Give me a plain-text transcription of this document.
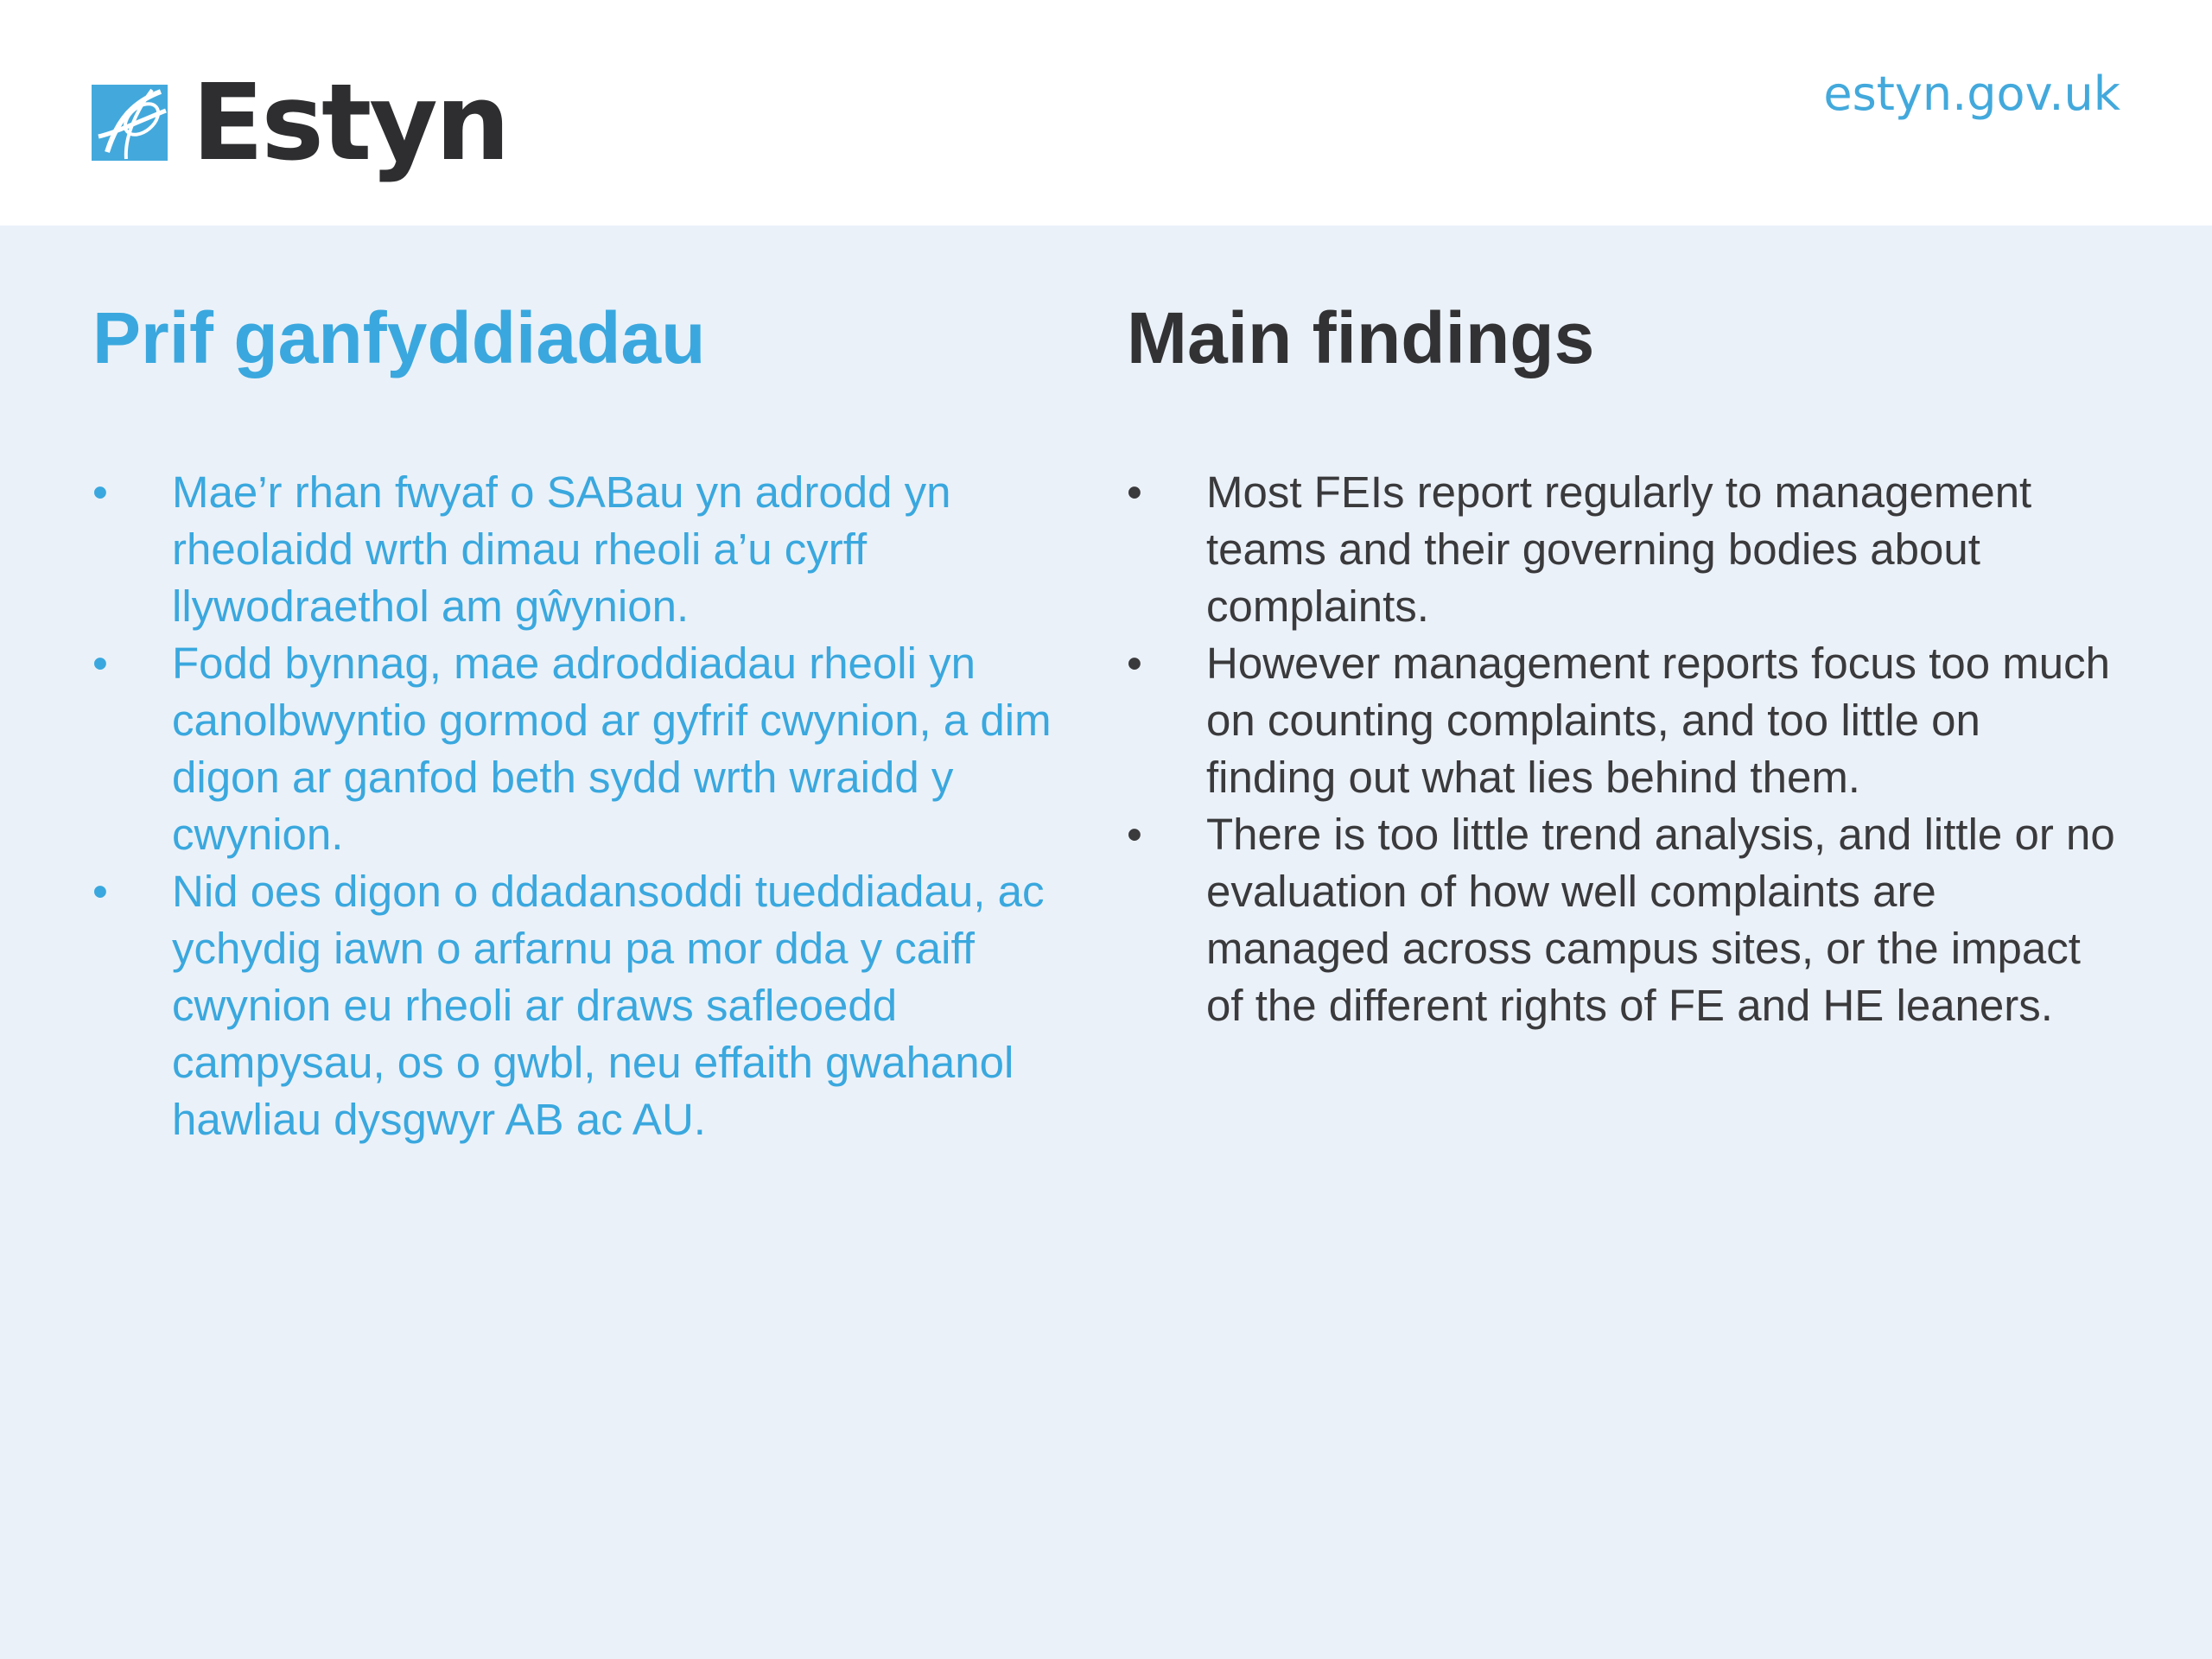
Estyn	estyn.gov.uk
Prif ganfyddiadau
• Mae’r rhan fwyaf o SABau yn adrodd yn rheolaidd wrth dimau rheoli a’u cyrff llywodraethol am gŵynion.
• Fodd bynnag, mae adroddiadau rheoli yn canolbwyntio gormod ar gyfrif cwynion, a dim digon ar ganfod beth sydd wrth wraidd y cwynion.
• Nid oes digon o ddadansoddi tueddiadau, ac ychydig iawn o arfarnu pa mor dda y caiff cwynion eu rheoli ar draws safleoedd campysau, os o gwbl, neu effaith gwahanol hawliau dysgwyr AB ac AU.
Main findings
• Most FEIs report regularly to management teams and their governing bodies about complaints.
• However management reports focus too much on counting complaints, and too little on finding out what lies behind them.
• There is too little trend analysis, and little or no evaluation of how well complaints are managed across campus sites, or the impact of the different rights of FE and HE leaners.
